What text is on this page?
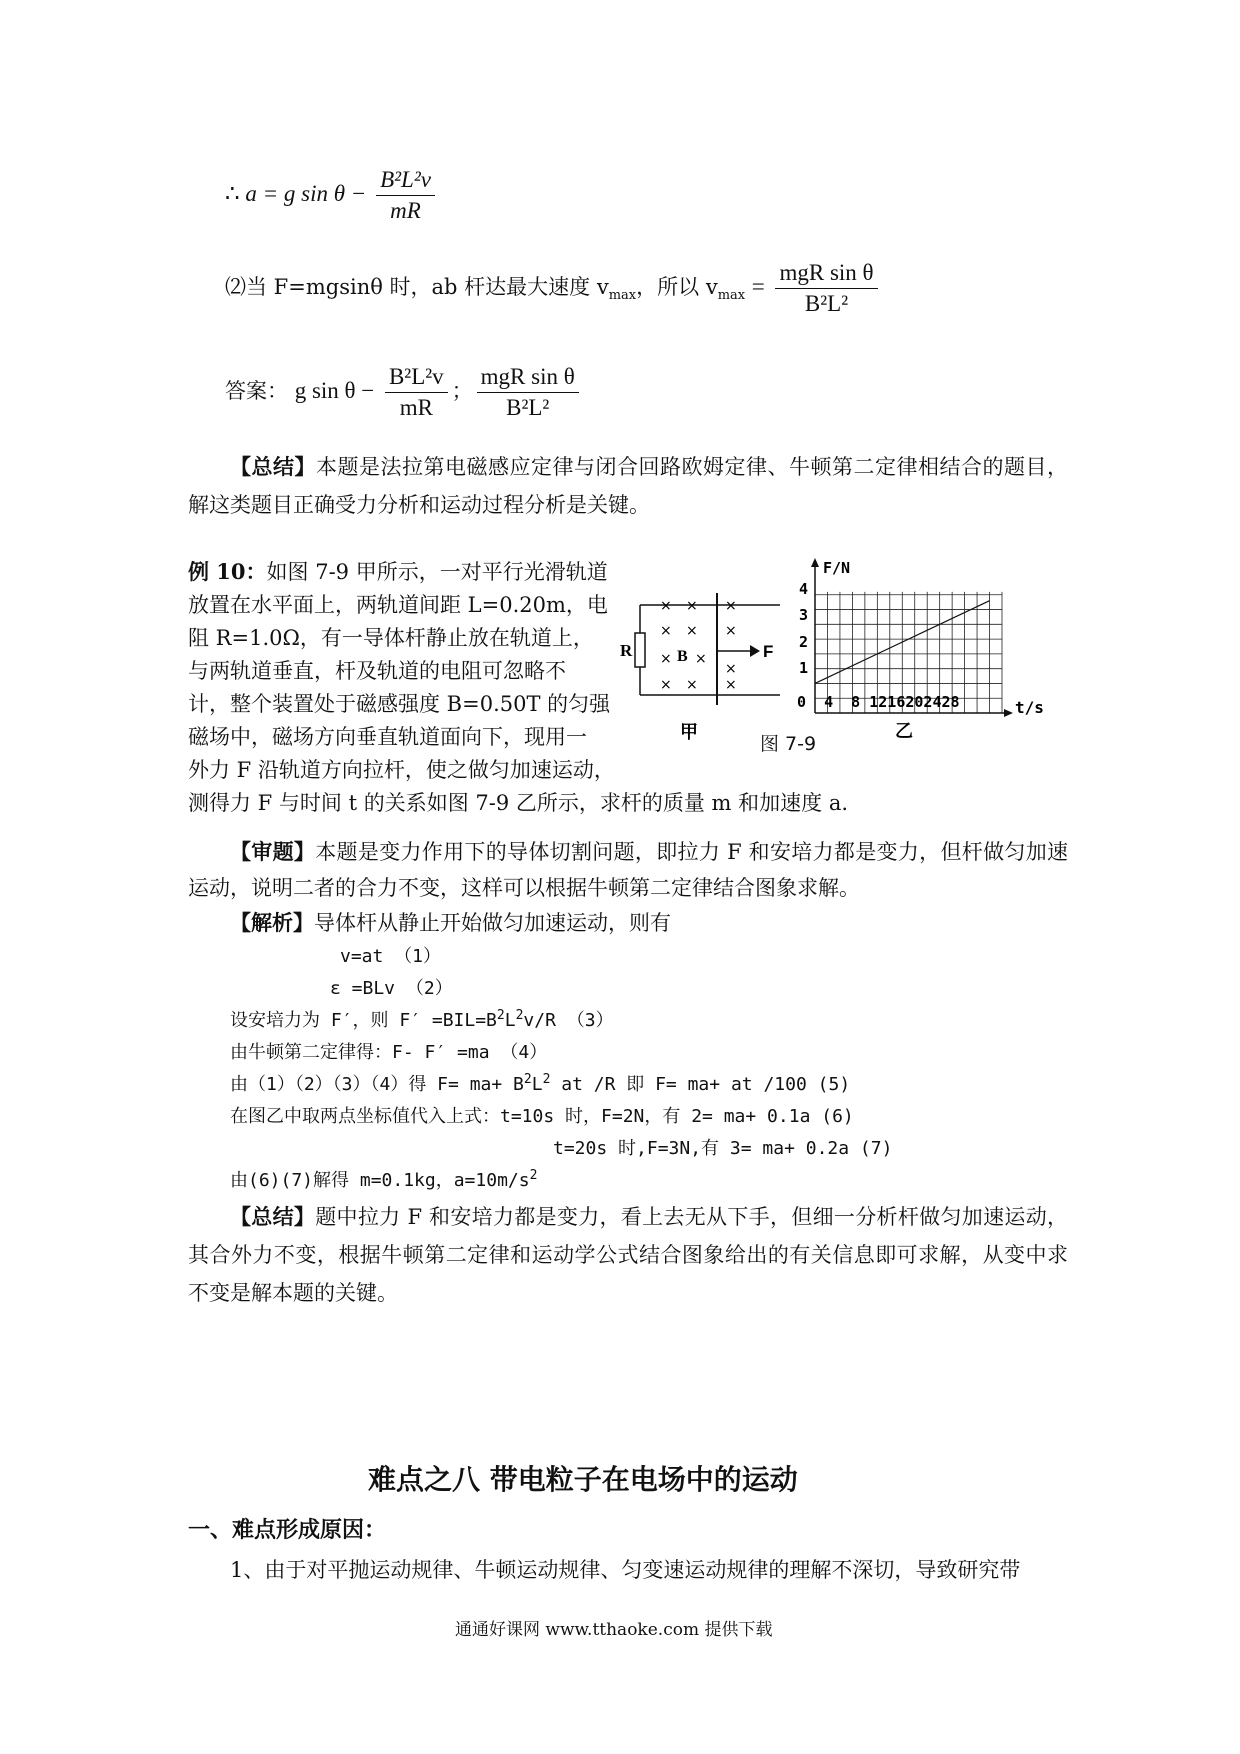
∴ a = g $\sin \theta - \frac{\text{B²L²v}}{mR}$
⑵当 F=mgsinθ 时，ab 杆达最大速度 $v_{max}$，所以 $v_{max} = \frac{\text{mgR sin θ}}{\text{B²L²}}$
答案： g $\sin \theta - \frac{\text{B²L²v}}{mR}$ ； $\frac{\text{mgR sin θ}}{\text{B²L²}}$
【总结】本题是法拉第电磁感应定律与闭合回路欧姆定律、牛顿第二定律相结合的题目，解这类题目正确受力分析和运动过程分析是关键。
例 10：如图 7-9 甲所示，一对平行光滑轨道
放置在水平面上，两轨道间距 L=0.20m，电
阻 R=1.0Ω，有一导体杆静止放在轨道上，
与两轨道垂直，杆及轨道的电阻可忽略不
计，整个装置处于磁感强度 B=0.50T 的匀强
磁场中，磁场方向垂直轨道面向下，现用一
外力 F 沿轨道方向拉杆，使之做匀加速运动，
测得力 F 与时间 t 的关系如图 7-9 乙所示，求杆的质量 m 和加速度 a.
R	F
B
× × ×
× × ×
× ×
×
× × ×
甲
图 7-9
F/N
t/s
4
3
2
1
0  4  8 1216202428
乙
【审题】本题是变力作用下的导体切割问题，即拉力 F 和安培力都是变力，但杆做匀加速运动，说明二者的合力不变，这样可以根据牛顿第二定律结合图象求解。
【解析】导体杆从静止开始做匀加速运动，则有
v=at （1）
ε =BLv （2）
设安培力为 F′，则 $F' =BIL=B^2L^2v/R$ （3）
由牛顿第二定律得：F- F′ =ma （4）
由（1）（2）（3）（4）得 $F= ma+ B^2L^2$ at /R 即 F= ma+ at /100 (5)
在图乙中取两点坐标值代入上式：t=10s 时，F=2N，有 2= ma+ 0.1a (6)
t=20s 时,F=3N,有 3= ma+ 0.2a (7)
由(6)(7)解得 m=0.1kg，$a=10m/s^2$
【总结】题中拉力 F 和安培力都是变力，看上去无从下手，但细一分析杆做匀加速运动，其合外力不变，根据牛顿第二定律和运动学公式结合图象给出的有关信息即可求解，从变中求不变是解本题的关键。
难点之八 带电粒子在电场中的运动
一、难点形成原因：
1、由于对平抛运动规律、牛顿运动规律、匀变速运动规律的理解不深切，导致研究带
通通好课网 www.tthaoke.com 提供下载
